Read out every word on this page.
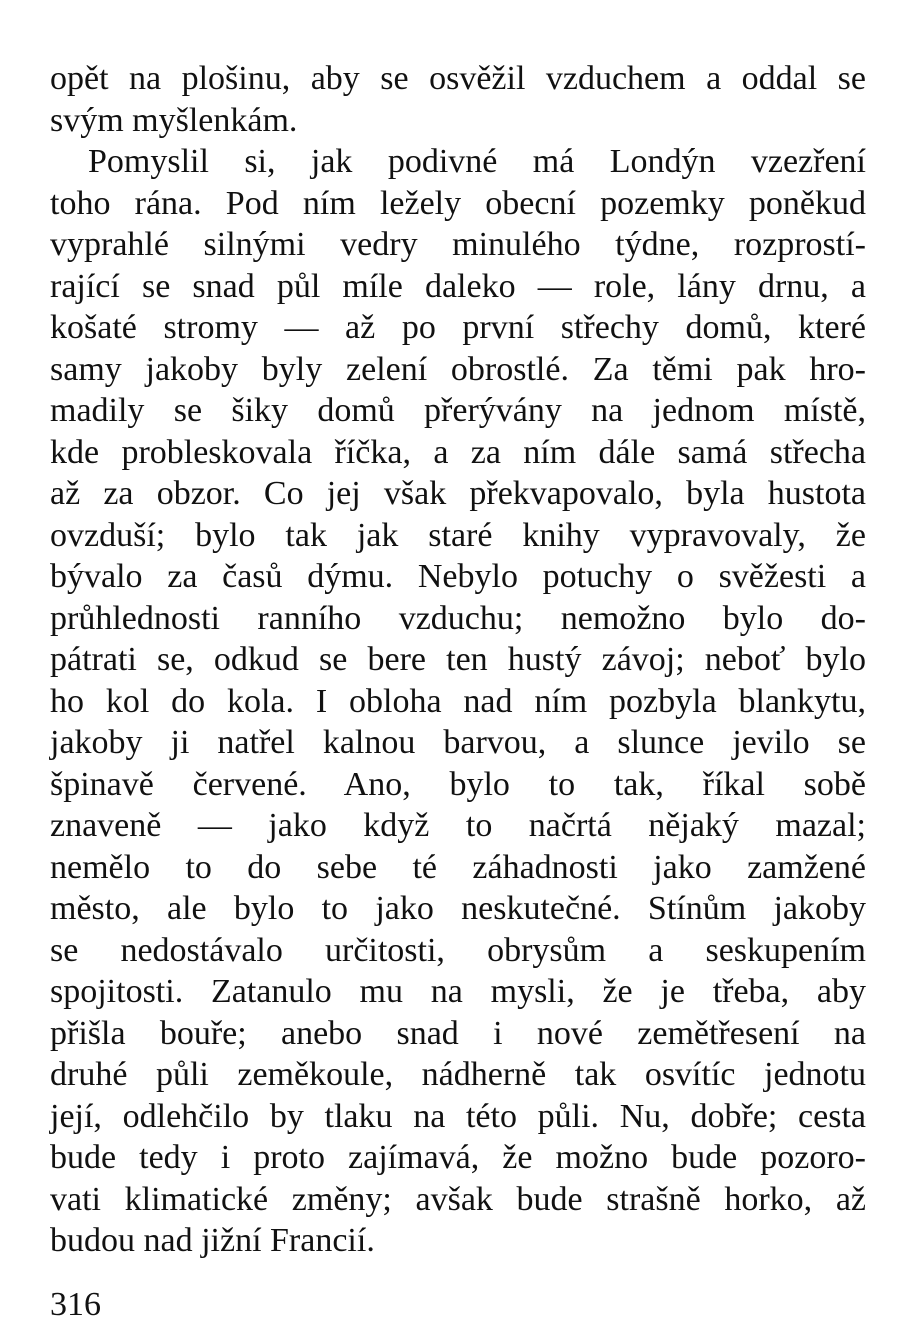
opět na plošinu, aby se osvěžil vzduchem a oddal se
svým myšlenkám.
Pomyslil si, jak podivné má Londýn vzezření
toho rána. Pod ním ležely obecní pozemky poněkud
vyprahlé silnými vedry minulého týdne, rozprostí-
rající se snad půl míle daleko — role, lány drnu, a
košaté stromy — až po první střechy domů, které
samy jakoby byly zelení obrostlé. Za těmi pak hro-
madily se šiky domů přerývány na jednom místě,
kde probleskovala říčka, a za ním dále samá střecha
až za obzor. Co jej však překvapovalo, byla hustota
ovzduší; bylo tak jak staré knihy vypravovaly, že
bývalo za časů dýmu. Nebylo potuchy o svěžesti a
průhlednosti ranního vzduchu; nemožno bylo do-
pátrati se, odkud se bere ten hustý závoj; neboť bylo
ho kol do kola. I obloha nad ním pozbyla blankytu,
jakoby ji natřel kalnou barvou, a slunce jevilo se
špinavě červené. Ano, bylo to tak, říkal sobě
znaveně — jako když to načrtá nějaký mazal;
nemělo to do sebe té záhadnosti jako zamžené
město, ale bylo to jako neskutečné. Stínům jakoby
se nedostávalo určitosti, obrysům a seskupením
spojitosti. Zatanulo mu na mysli, že je třeba, aby
přišla bouře; anebo snad i nové zemětřesení na
druhé půli zeměkoule, nádherně tak osvítíc jednotu
její, odlehčilo by tlaku na této půli. Nu, dobře; cesta
bude tedy i proto zajímavá, že možno bude pozoro-
vati klimatické změny; avšak bude strašně horko, až
budou nad jižní Francií.
316
